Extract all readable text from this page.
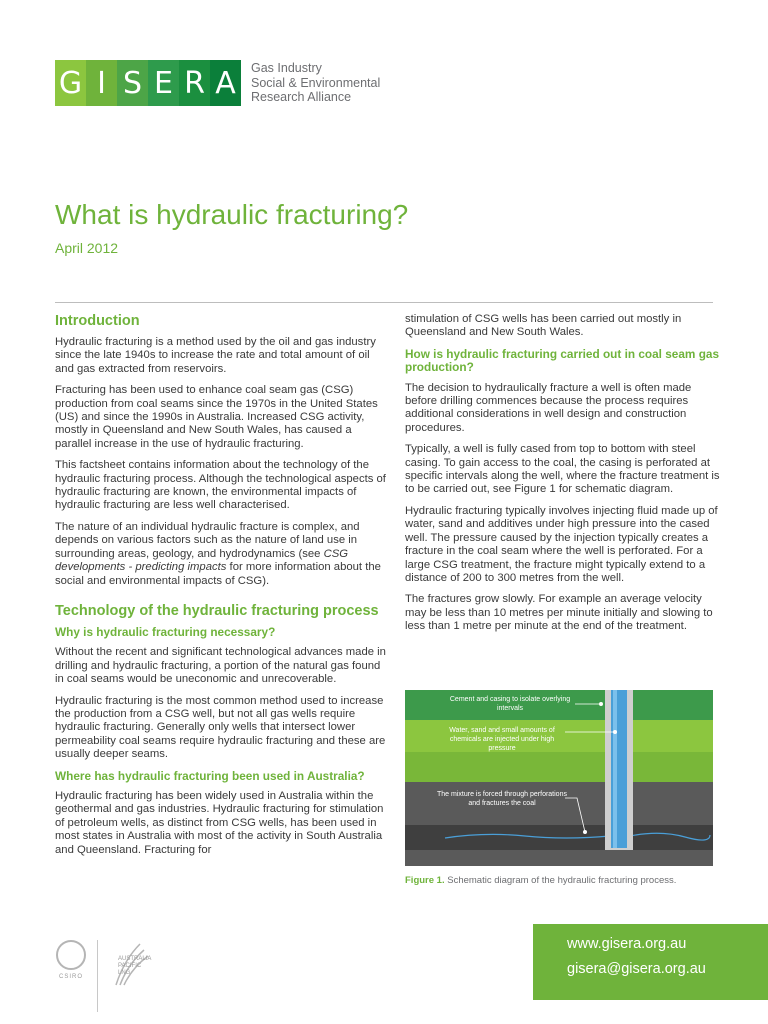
G I S E R A	Gas Industry
Social & Environmental
Research Alliance
What is hydraulic fracturing?
April 2012
Introduction

Hydraulic fracturing is a method used by the oil and gas industry since the late 1940s to increase the rate and total amount of oil and gas extracted from reservoirs.

Fracturing has been used to enhance coal seam gas (CSG) production from coal seams since the 1970s in the United States (US) and since the 1990s in Australia. Increased CSG activity, mostly in Queensland and New South Wales, has caused a parallel increase in the use of hydraulic fracturing.

This factsheet contains information about the technology of the hydraulic fracturing process. Although the technological aspects of hydraulic fracturing are known, the environmental impacts of hydraulic fracturing are less well characterised.

The nature of an individual hydraulic fracture is complex, and depends on various factors such as the nature of land use in surrounding areas, geology, and hydrodynamics (see CSG developments - predicting impacts for more information about the social and environmental impacts of CSG).

Technology of the hydraulic fracturing process
Why is hydraulic fracturing necessary?

Without the recent and significant technological advances made in drilling and hydraulic fracturing, a portion of the natural gas found in coal seams would be uneconomic and unrecoverable.

Hydraulic fracturing is the most common method used to increase the production from a CSG well, but not all gas wells require hydraulic fracturing. Generally only wells that intersect lower permeability coal seams require hydraulic fracturing and these are usually deeper seams.

Where has hydraulic fracturing been used in Australia?

Hydraulic fracturing has been widely used in Australia within the geothermal and gas industries. Hydraulic fracturing for stimulation of petroleum wells, as distinct from CSG wells, has been used in most states in Australia with most of the activity in South Australia and Queensland. Fracturing for

stimulation of CSG wells has been carried out mostly in Queensland and New South Wales.

How is hydraulic fracturing carried out in coal seam gas production?

The decision to hydraulically fracture a well is often made before drilling commences because the process requires additional considerations in well design and construction procedures.

Typically, a well is fully cased from top to bottom with steel casing. To gain access to the coal, the casing is perforated at specific intervals along the well, where the fracture treatment is to be carried out, see Figure 1 for schematic diagram.

Hydraulic fracturing typically involves injecting fluid made up of water, sand and additives under high pressure into the cased well. The pressure caused by the injection typically creates a fracture in the coal seam where the well is perforated. For a large CSG treatment, the fracture might typically extend to a distance of 200 to 300 metres from the well.

The fractures grow slowly. For example an average velocity may be less than 10 metres per minute initially and slowing to less than 1 metre per minute at the end of the treatment.

Cement and casing to isolate overlying intervals
Water, sand and small amounts of chemicals are injected under high pressure
The mixture is forced through perforations and fractures the coal
Figure 1. Schematic diagram of the hydraulic fracturing process.
CSIRO
AUSTRALIA
PACIFIC
LNG
www.gisera.org.au
gisera@gisera.org.au
